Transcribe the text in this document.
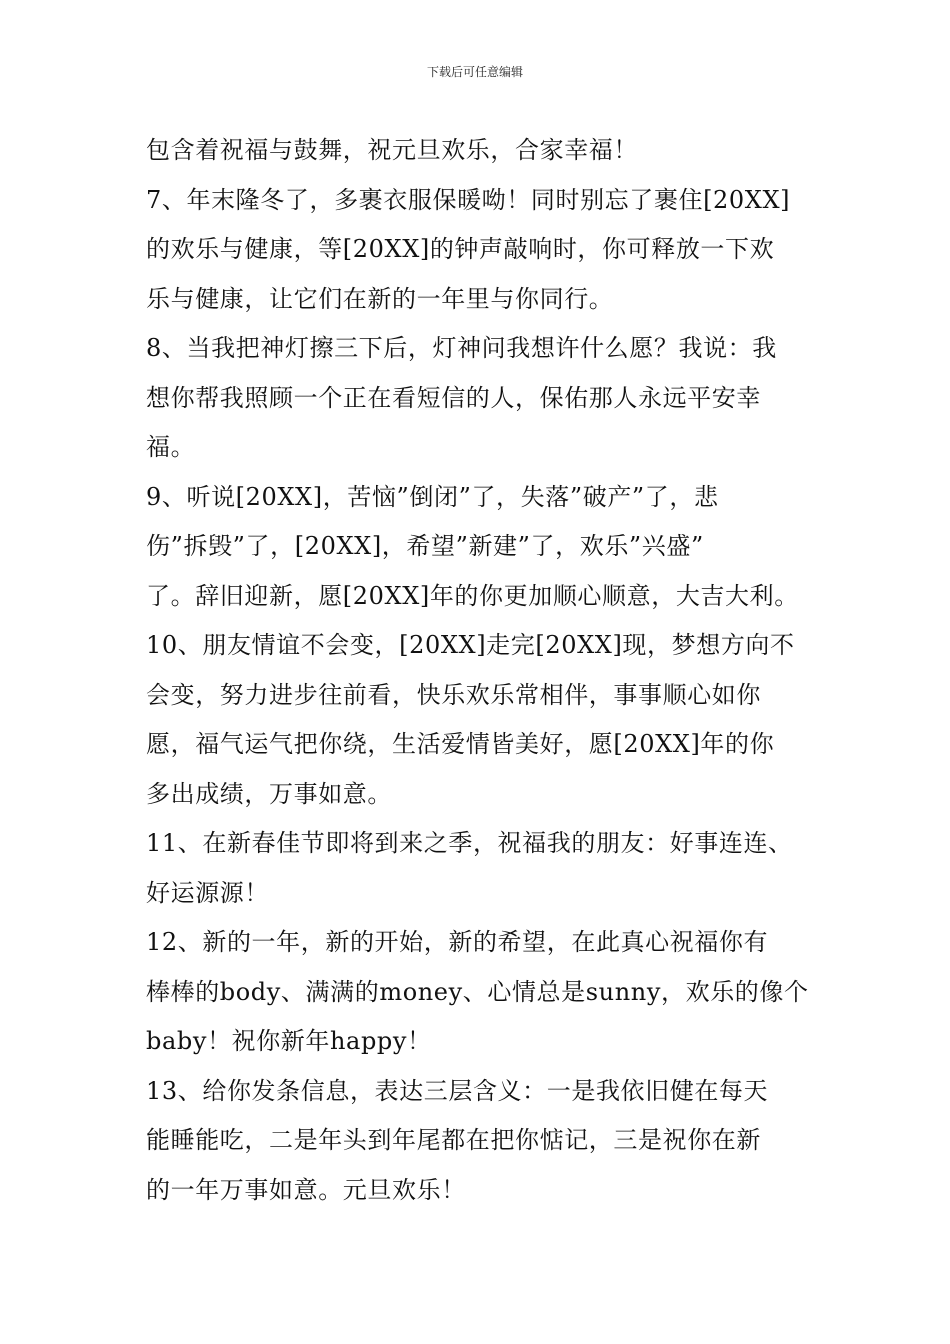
下载后可任意编辑

包含着祝福与鼓舞，祝元旦欢乐，合家幸福！

7、年末隆冬了，多裹衣服保暖呦！同时别忘了裹住[20XX]

的欢乐与健康，等[20XX]的钟声敲响时，你可释放一下欢

乐与健康，让它们在新的一年里与你同行。

8、当我把神灯擦三下后，灯神问我想许什么愿？我说：我

想你帮我照顾一个正在看短信的人，保佑那人永远平安幸

福。

9、听说[20XX]，苦恼”倒闭”了，失落”破产”了，悲

伤”拆毁”了，[20XX]，希望”新建”了，欢乐”兴盛”

了。辞旧迎新，愿[20XX]年的你更加顺心顺意，大吉大利。

10、朋友情谊不会变，[20XX]走完[20XX]现，梦想方向不

会变，努力进步往前看，快乐欢乐常相伴，事事顺心如你

愿，福气运气把你绕，生活爱情皆美好，愿[20XX]年的你

多出成绩，万事如意。

11、在新春佳节即将到来之季，祝福我的朋友：好事连连、

好运源源！

12、新的一年，新的开始，新的希望，在此真心祝福你有

棒棒的body、满满的money、心情总是sunny，欢乐的像个

baby！祝你新年happy！

13、给你发条信息，表达三层含义：一是我依旧健在每天

能睡能吃，二是年头到年尾都在把你惦记，三是祝你在新

的一年万事如意。元旦欢乐！
